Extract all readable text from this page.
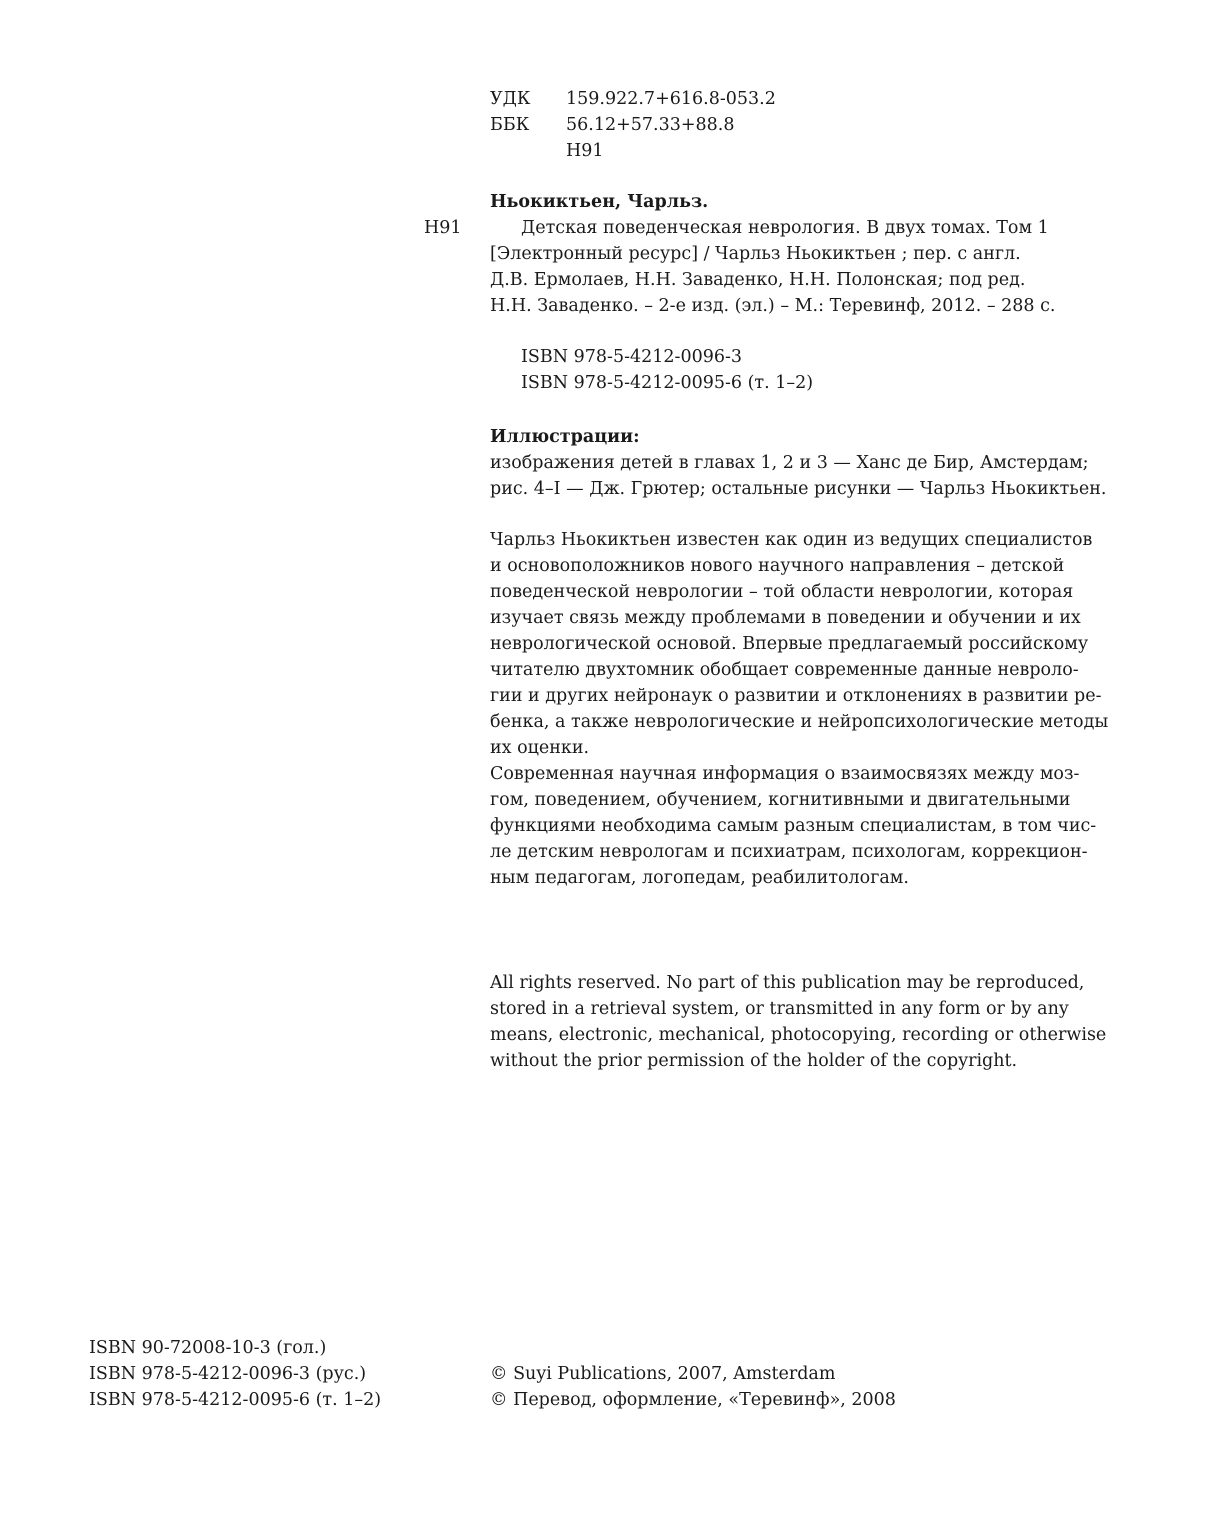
УДК 159.922.7+616.8-053.2
ББК 56.12+57.33+88.8
Н91
Ньокиктьен, Чарльз.
Н91	Детская поведенческая неврология. В двух томах. Том 1
[Электронный ресурс] / Чарльз Ньокиктьен ; пер. с англ.
Д.В. Ермолаев, Н.Н. Заваденко, Н.Н. Полонская; под ред.
Н.Н. Заваденко. – 2-е изд. (эл.) – М.: Теревинф, 2012. – 288 с.
ISBN 978-5-4212-0096-3
ISBN 978-5-4212-0095-6 (т. 1–2)
Иллюстрации:
изображения детей в главах 1, 2 и 3 — Ханс де Бир, Амстердам;
рис. 4–I — Дж. Грютер; остальные рисунки — Чарльз Ньокиктьен.
Чарльз Ньокиктьен известен как один из ведущих специалистов
и основоположников нового научного направления – детской
поведенческой неврологии – той области неврологии, которая
изучает связь между проблемами в поведении и обучении и их
неврологической основой. Впервые предлагаемый российскому
читателю двухтомник обобщает современные данные невроло-
гии и других нейронаук о развитии и отклонениях в развитии ре-
бенка, а также неврологические и нейропсихологические методы
их оценки.
Современная научная информация о взаимосвязях между моз-
гом, поведением, обучением, когнитивными и двигательными
функциями необходима самым разным специалистам, в том чис-
ле детским неврологам и психиатрам, психологам, коррекцион-
ным педагогам, логопедам, реабилитологам.
All rights reserved. No part of this publication may be reproduced,
stored in a retrieval system, or transmitted in any form or by any
means, electronic, mechanical, photocopying, recording or otherwise
without the prior permission of the holder of the copyright.
ISBN 90-72008-10-3 (гол.)
ISBN 978-5-4212-0096-3 (рус.)
ISBN 978-5-4212-0095-6 (т. 1–2)
© Suyi Publications, 2007, Amsterdam
© Перевод, оформление, «Теревинф», 2008
